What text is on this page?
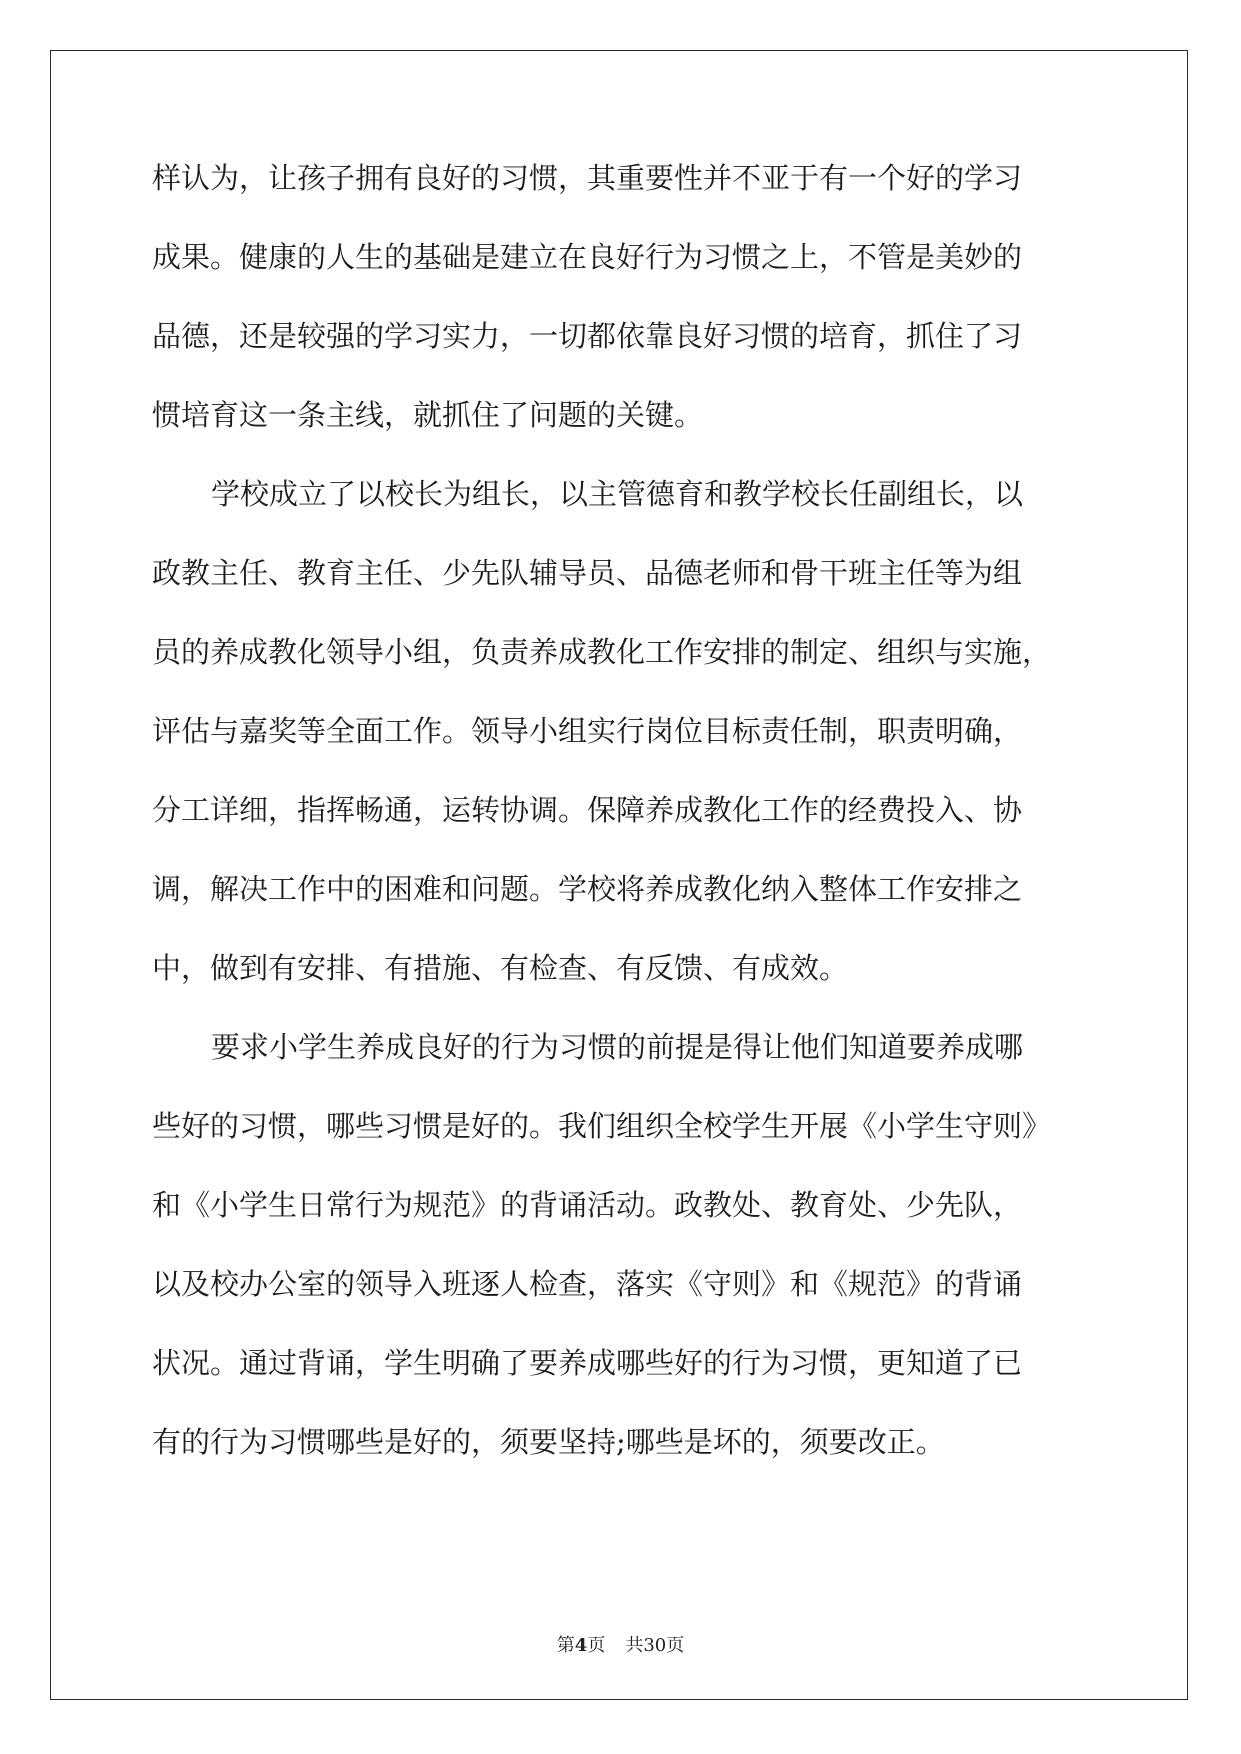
样认为，让孩子拥有良好的习惯，其重要性并不亚于有一个好的学习
成果。健康的人生的基础是建立在良好行为习惯之上，不管是美妙的
品德，还是较强的学习实力，一切都依靠良好习惯的培育，抓住了习
惯培育这一条主线，就抓住了问题的关键。
学校成立了以校长为组长，以主管德育和教学校长任副组长，以
政教主任、教育主任、少先队辅导员、品德老师和骨干班主任等为组
员的养成教化领导小组，负责养成教化工作安排的制定、组织与实施，
评估与嘉奖等全面工作。领导小组实行岗位目标责任制，职责明确，
分工详细，指挥畅通，运转协调。保障养成教化工作的经费投入、协
调，解决工作中的困难和问题。学校将养成教化纳入整体工作安排之
中，做到有安排、有措施、有检查、有反馈、有成效。
要求小学生养成良好的行为习惯的前提是得让他们知道要养成哪
些好的习惯，哪些习惯是好的。我们组织全校学生开展《小学生守则》
和《小学生日常行为规范》的背诵活动。政教处、教育处、少先队，
以及校办公室的领导入班逐人检查，落实《守则》和《规范》的背诵
状况。通过背诵，学生明确了要养成哪些好的行为习惯，更知道了已
有的行为习惯哪些是好的，须要坚持;哪些是坏的，须要改正。
第4页 共30页
